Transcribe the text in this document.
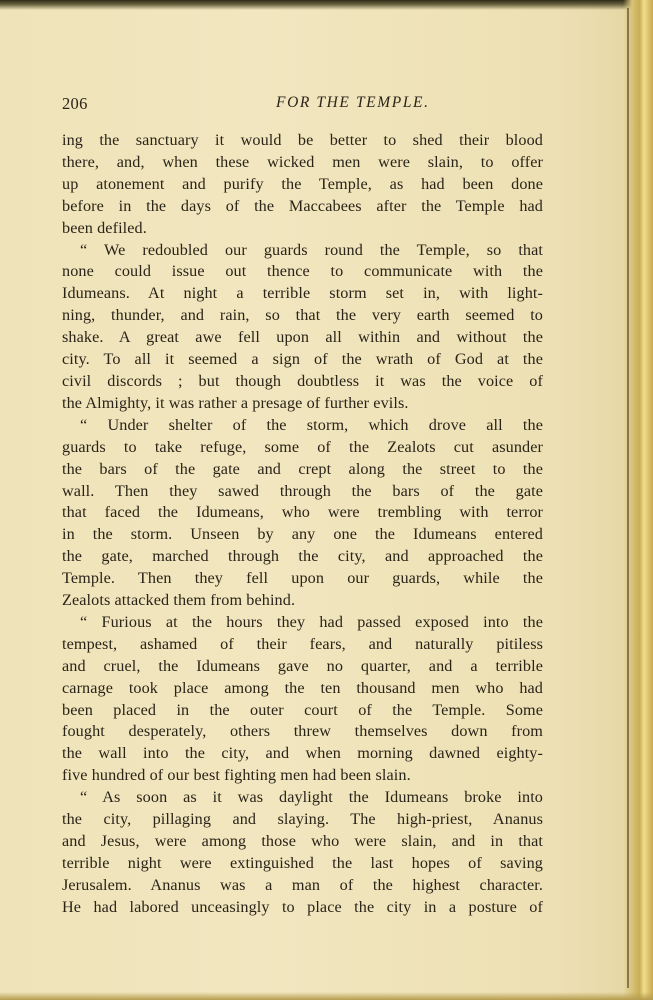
206	FOR THE TEMPLE.
ing the sanctuary it would be better to shed their blood
there, and, when these wicked men were slain, to offer
up atonement and purify the Temple, as had been done
before in the days of the Maccabees after the Temple had
been defiled.
“ We redoubled our guards round the Temple, so that
none could issue out thence to communicate with the
Idumeans. At night a terrible storm set in, with light-
ning, thunder, and rain, so that the very earth seemed to
shake. A great awe fell upon all within and without the
city. To all it seemed a sign of the wrath of God at the
civil discords ; but though doubtless it was the voice of
the Almighty, it was rather a presage of further evils.
“ Under shelter of the storm, which drove all the
guards to take refuge, some of the Zealots cut asunder
the bars of the gate and crept along the street to the
wall. Then they sawed through the bars of the gate
that faced the Idumeans, who were trembling with terror
in the storm. Unseen by any one the Idumeans entered
the gate, marched through the city, and approached the
Temple. Then they fell upon our guards, while the
Zealots attacked them from behind.
“ Furious at the hours they had passed exposed into the
tempest, ashamed of their fears, and naturally pitiless
and cruel, the Idumeans gave no quarter, and a terrible
carnage took place among the ten thousand men who had
been placed in the outer court of the Temple. Some
fought desperately, others threw themselves down from
the wall into the city, and when morning dawned eighty-
five hundred of our best fighting men had been slain.
“ As soon as it was daylight the Idumeans broke into
the city, pillaging and slaying. The high-priest, Ananus
and Jesus, were among those who were slain, and in that
terrible night were extinguished the last hopes of saving
Jerusalem. Ananus was a man of the highest character.
He had labored unceasingly to place the city in a posture of
